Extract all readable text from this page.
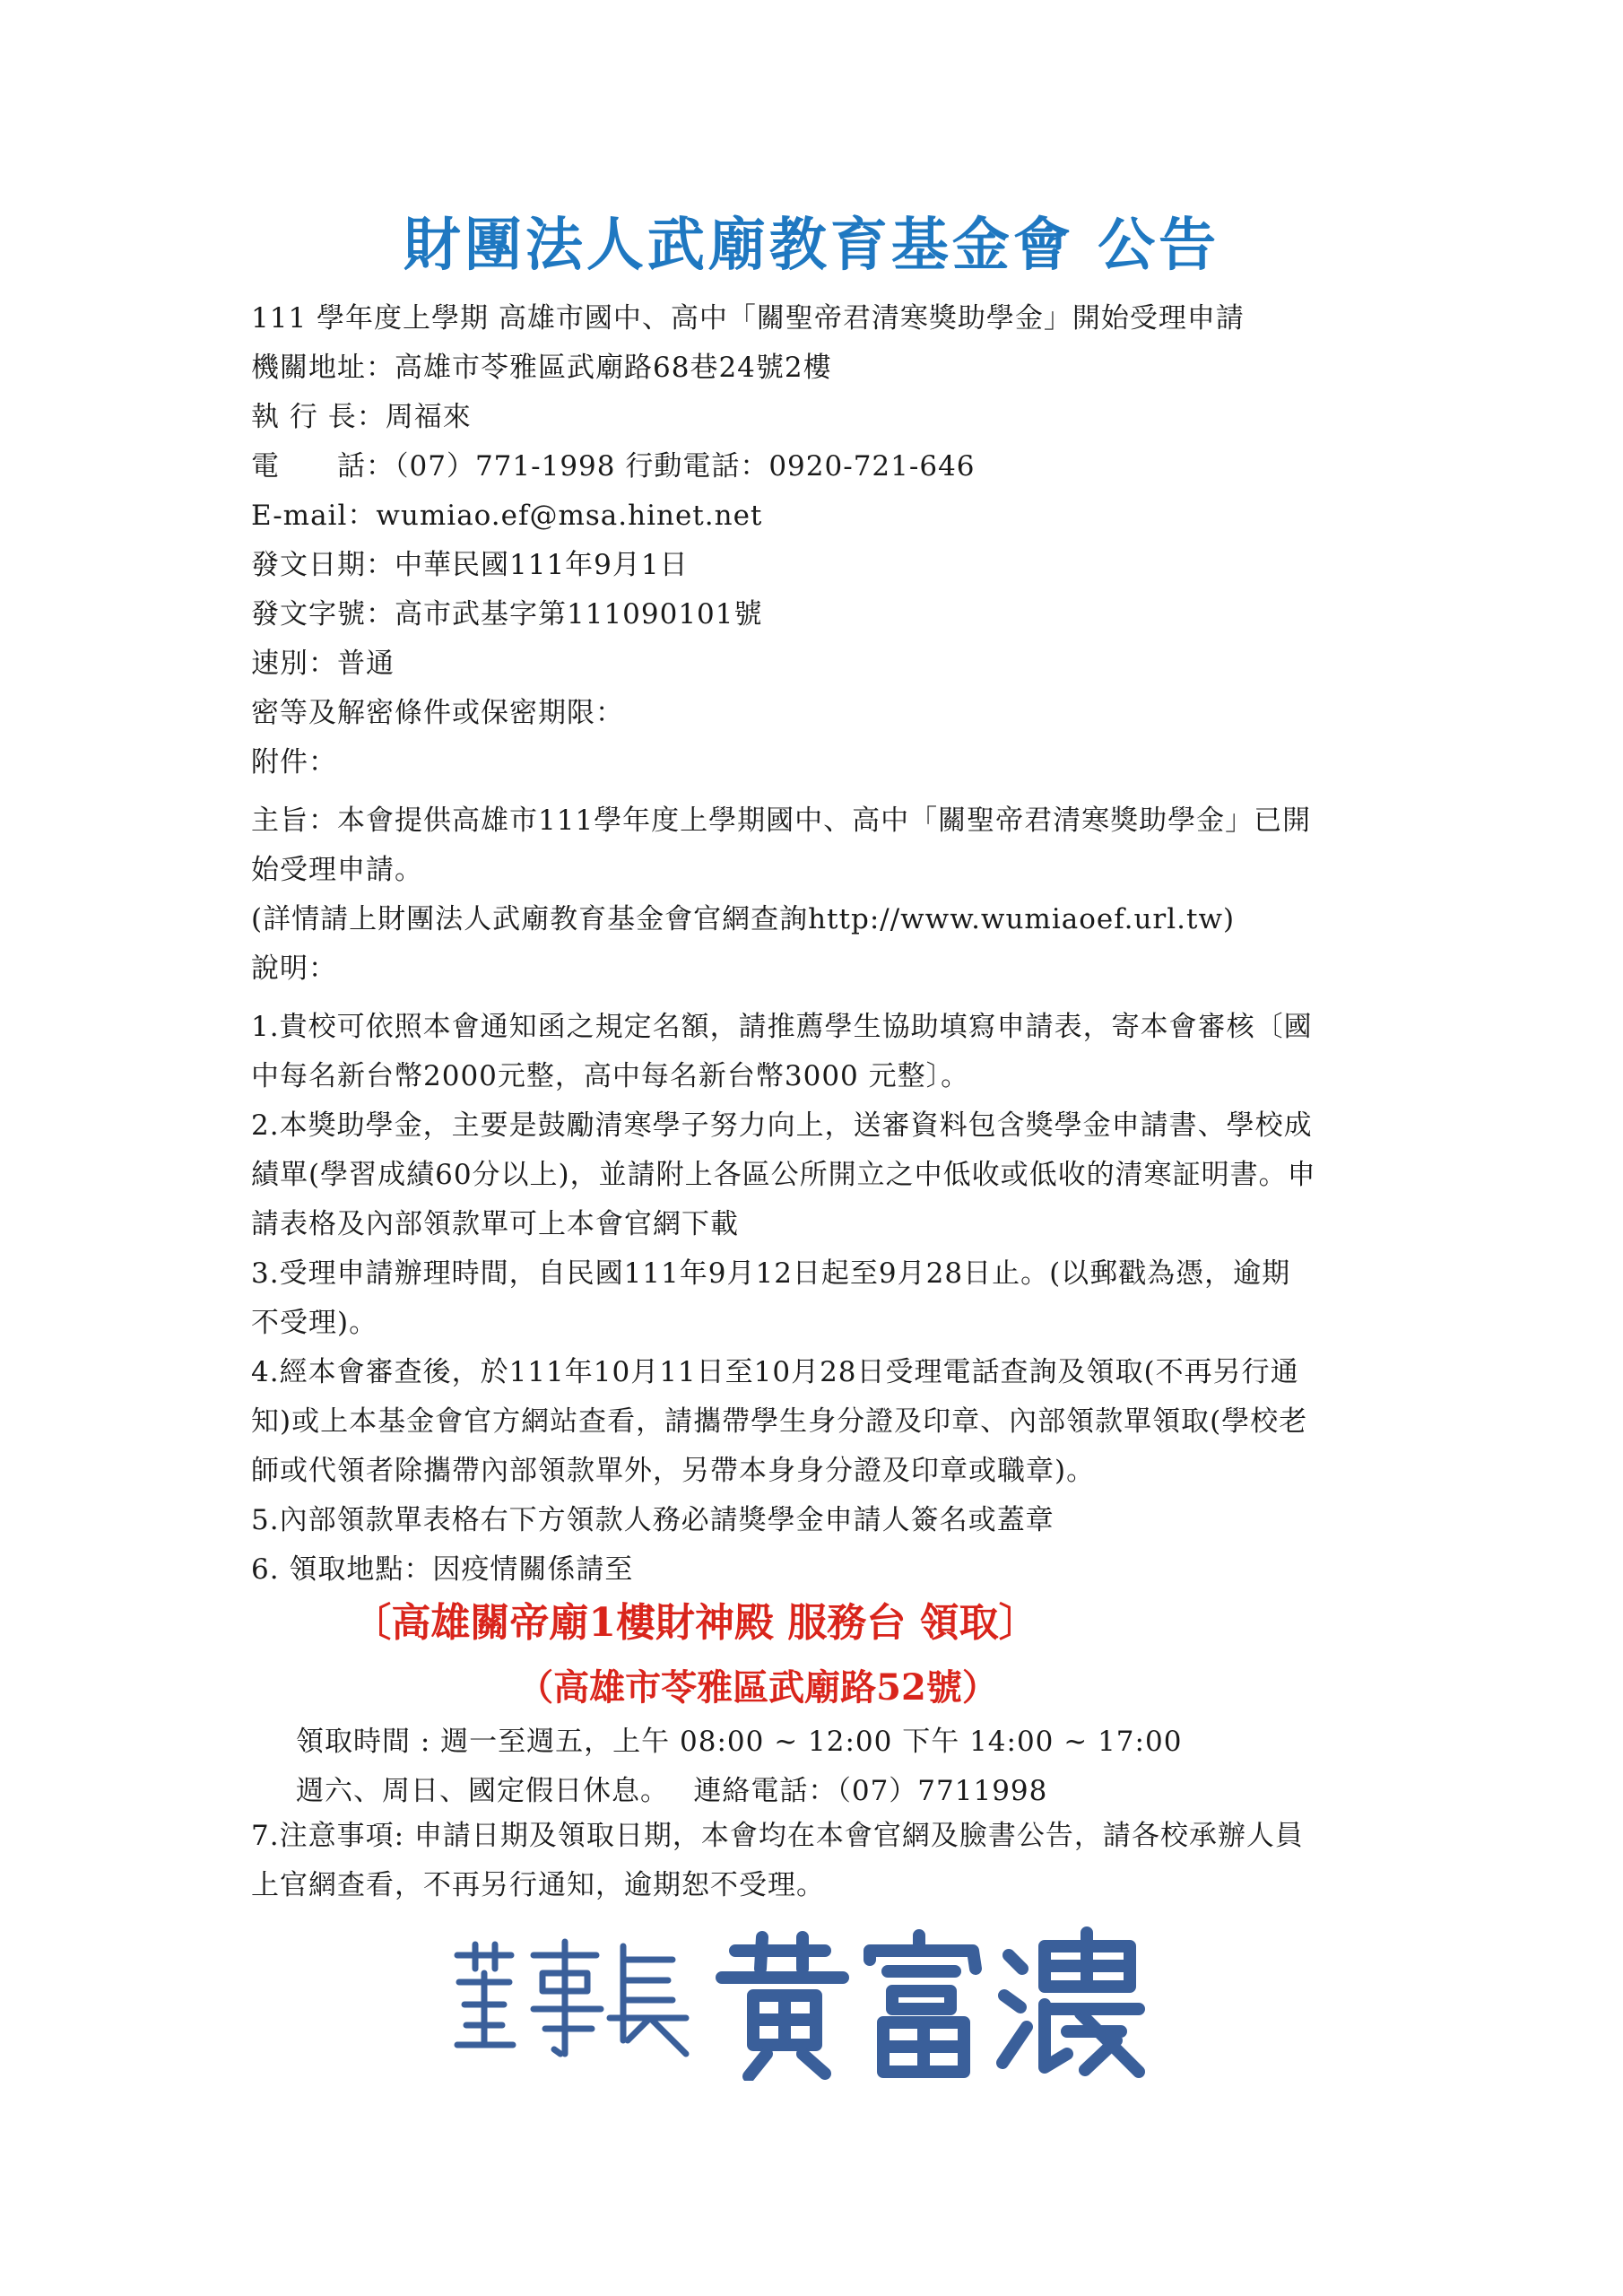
財團法人武廟教育基金會 公告
111 學年度上學期 高雄市國中、高中「關聖帝君清寒獎助學金」開始受理申請
機關地址：高雄市苓雅區武廟路68巷24號2樓
執 行 長：周福來
電　　話：（07）771-1998 行動電話：0920-721-646
E-mail：wumiao.ef@msa.hinet.net
發文日期：中華民國111年9月1日
發文字號：高市武基字第111090101號
速別：普通
密等及解密條件或保密期限：
附件：
主旨：本會提供高雄市111學年度上學期國中、高中「關聖帝君清寒獎助學金」已開
始受理申請。
(詳情請上財團法人武廟教育基金會官網查詢http://www.wumiaoef.url.tw)
說明：
1.貴校可依照本會通知函之規定名額，請推薦學生協助填寫申請表，寄本會審核〔國
中每名新台幣2000元整，高中每名新台幣3000 元整〕。
2.本獎助學金，主要是鼓勵清寒學子努力向上，送審資料包含獎學金申請書、學校成
績單(學習成績60分以上)，並請附上各區公所開立之中低收或低收的清寒証明書。申
請表格及內部領款單可上本會官網下載
3.受理申請辦理時間，自民國111年9月12日起至9月28日止。(以郵戳為憑，逾期
不受理)。
4.經本會審查後，於111年10月11日至10月28日受理電話查詢及領取(不再另行通
知)或上本基金會官方網站查看，請攜帶學生身分證及印章、內部領款單領取(學校老
師或代領者除攜帶內部領款單外，另帶本身身分證及印章或職章)。
5.內部領款單表格右下方領款人務必請獎學金申請人簽名或蓋章
6. 領取地點：因疫情關係請至
〔高雄關帝廟1樓財神殿 服務台 領取〕
（高雄市苓雅區武廟路52號）
領取時間 : 週一至週五，上午 08:00 ~ 12:00 下午 14:00 ~ 17:00
週六、周日、國定假日休息。　 連絡電話：（07）7711998
7.注意事項: 申請日期及領取日期，本會均在本會官網及臉書公告，請各校承辦人員
上官網查看，不再另行通知，逾期恕不受理。
